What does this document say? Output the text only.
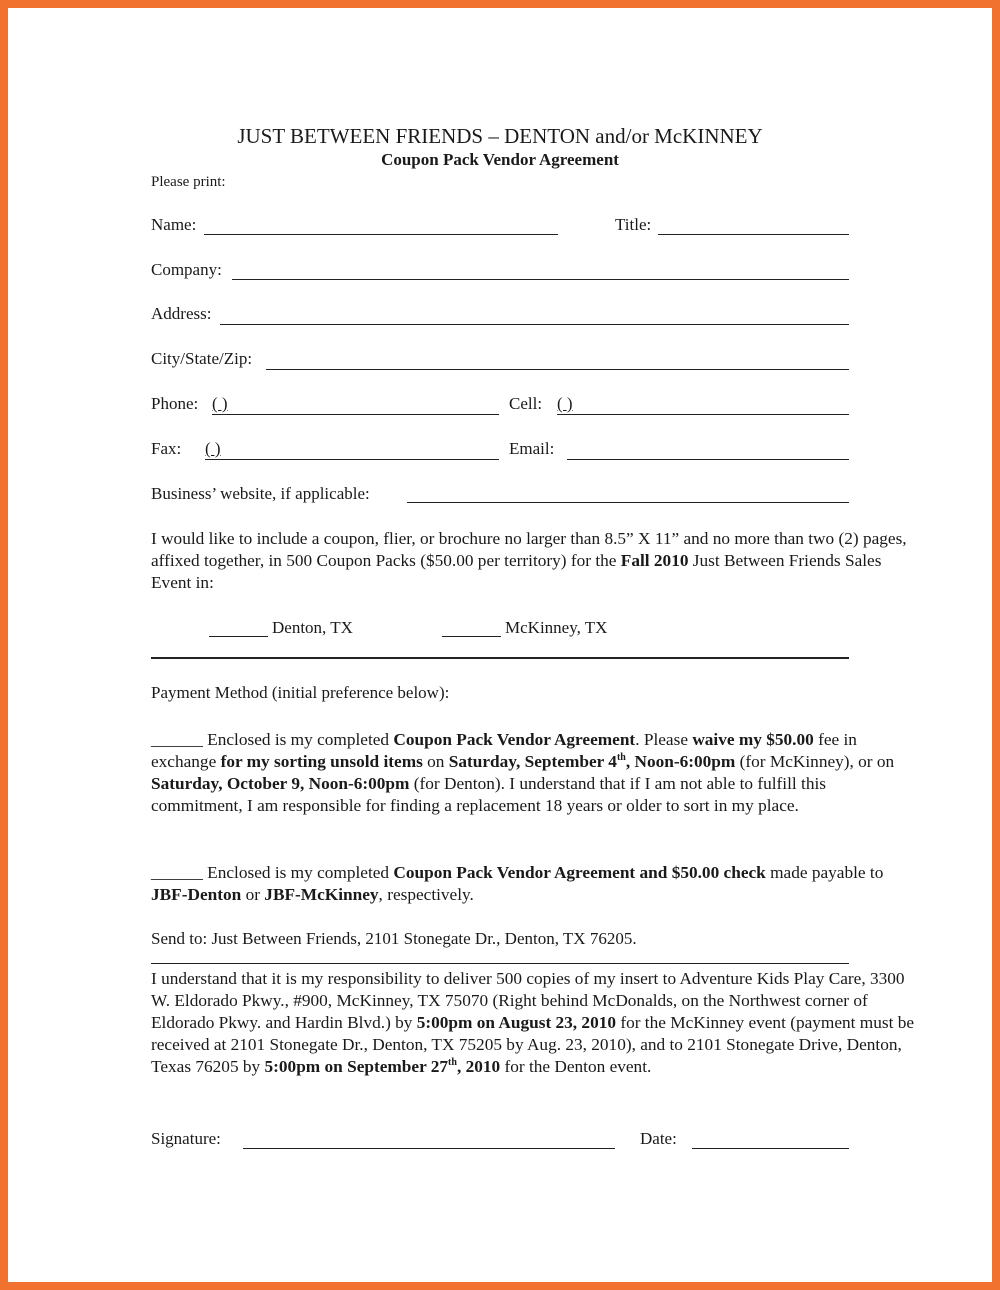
JUST BETWEEN FRIENDS – DENTON and/or McKINNEY
Coupon Pack Vendor Agreement
Please print:
Name:	Title:
Company:
Address:
City/State/Zip:
Phone: ( )	Cell: ( )
Fax: ( )	Email:
Business’ website, if applicable:
I would like to include a coupon, flier, or brochure no larger than 8.5” X 11” and no more than two (2) pages, affixed together, in 500 Coupon Packs ($50.00 per territory) for the Fall 2010 Just Between Friends Sales Event in:
Denton, TX	McKinney, TX
Payment Method (initial preference below):
______ Enclosed is my completed Coupon Pack Vendor Agreement. Please waive my $50.00 fee in exchange for my sorting unsold items on Saturday, September 4th, Noon-6:00pm (for McKinney), or on Saturday, October 9, Noon-6:00pm (for Denton). I understand that if I am not able to fulfill this commitment, I am responsible for finding a replacement 18 years or older to sort in my place.
______ Enclosed is my completed Coupon Pack Vendor Agreement and $50.00 check made payable to JBF-Denton or JBF-McKinney, respectively.
Send to: Just Between Friends, 2101 Stonegate Dr., Denton, TX 76205.
I understand that it is my responsibility to deliver 500 copies of my insert to Adventure Kids Play Care, 3300 W. Eldorado Pkwy., #900, McKinney, TX 75070 (Right behind McDonalds, on the Northwest corner of Eldorado Pkwy. and Hardin Blvd.) by 5:00pm on August 23, 2010 for the McKinney event (payment must be received at 2101 Stonegate Dr., Denton, TX 75205 by Aug. 23, 2010), and to 2101 Stonegate Drive, Denton, Texas 76205 by 5:00pm on September 27th, 2010 for the Denton event.
Signature:	Date:
